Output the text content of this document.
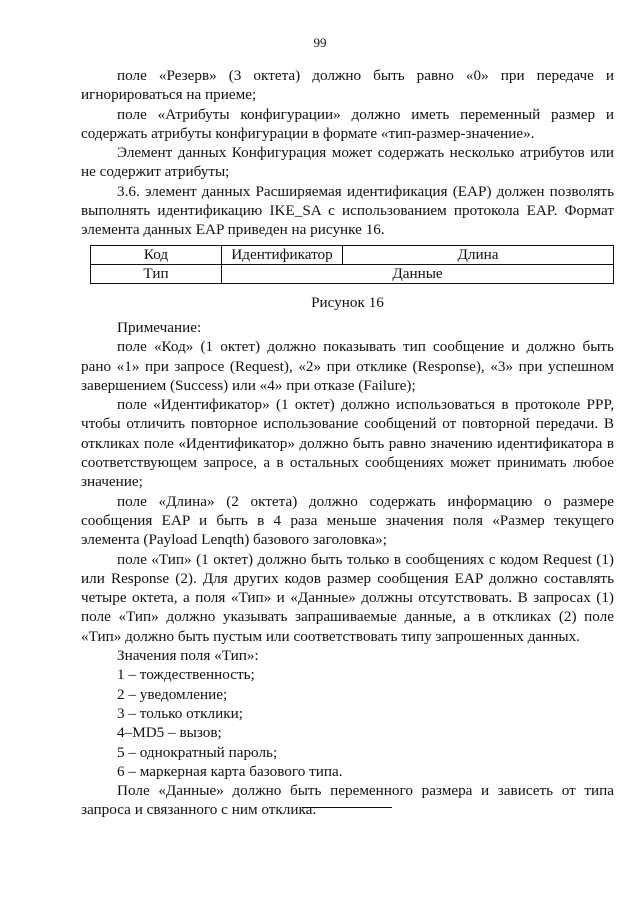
99

поле «Резерв» (3 октета) должно быть равно «0» при передаче и игнорироваться на приеме;

поле «Атрибуты конфигурации» должно иметь переменный размер и содержать атрибуты конфигурации в формате «тип-размер-значение».

Элемент данных Конфигурация может содержать несколько атрибутов или не содержит атрибуты;

3.6. элемент данных Расширяемая идентификация (EAP) должен позволять выполнять идентификацию IKE_SA с использованием протокола EAP. Формат элемента данных EAP приведен на рисунке 16.

Код	Идентификатор	Длина
Тип	Данные	

Рисунок 16

Примечание:

поле «Код» (1 октет) должно показывать тип сообщение и должно быть рано «1» при запросе (Request), «2» при отклике (Response), «3» при успешном завершением (Success) или «4» при отказе (Failure);

поле «Идентификатор» (1 октет) должно использоваться в протоколе PPP, чтобы отличить повторное использование сообщений от повторной передачи. В откликах поле «Идентификатор» должно быть равно значению идентификатора в соответствующем запросе, а в остальных сообщениях может принимать любое значение;

поле «Длина» (2 октета) должно содержать информацию о размере сообщения EAP и быть в 4 раза меньше значения поля «Размер текущего элемента (Payload Lenqth) базового заголовка»;

поле «Тип» (1 октет) должно быть только в сообщениях с кодом Request (1) или Response (2). Для других кодов размер сообщения EAP должно составлять четыре октета, а поля «Тип» и «Данные» должны отсутствовать. В запросах (1) поле «Тип» должно указывать запрашиваемые данные, а в откликах (2) поле «Тип» должно быть пустым или соответствовать типу запрошенных данных.

Значения поля «Тип»:

1 – тождественность;

2 – уведомление;

3 – только отклики;

4–MD5 – вызов;

5 – однократный пароль;

6 – маркерная карта базового типа.

Поле «Данные» должно быть переменного размера и зависеть от типа запроса и связанного с ним отклика.
